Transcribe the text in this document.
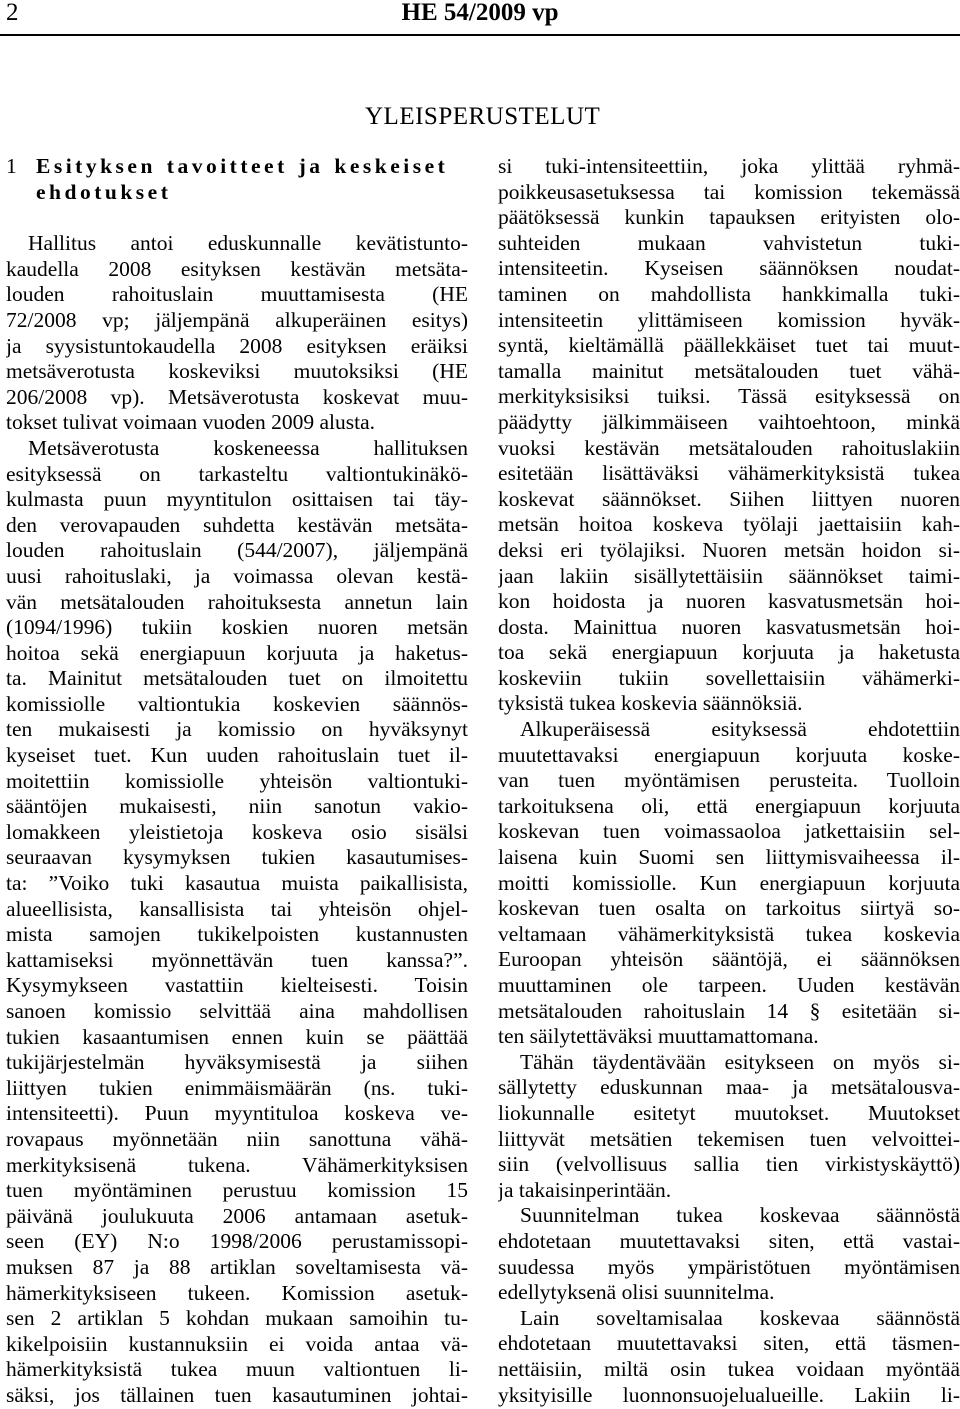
2	HE 54/2009 vp
YLEISPERUSTELUT
1 Esityksen tavoitteet ja keskeiset ehdotukset
Hallitus antoi eduskunnalle kevätistunto-
kaudella 2008 esityksen kestävän metsäta-
louden rahoituslain muuttamisesta (HE
72/2008 vp; jäljempänä alkuperäinen esitys)
ja syysistuntokaudella 2008 esityksen eräiksi
metsäverotusta koskeviksi muutoksiksi (HE
206/2008 vp). Metsäverotusta koskevat muu-
tokset tulivat voimaan vuoden 2009 alusta.
Metsäverotusta koskeneessa hallituksen
esityksessä on tarkasteltu valtiontukinäkö-
kulmasta puun myyntitulon osittaisen tai täy-
den verovapauden suhdetta kestävän metsäta-
louden rahoituslain (544/2007), jäljempänä
uusi rahoituslaki, ja voimassa olevan kestä-
vän metsätalouden rahoituksesta annetun lain
(1094/1996) tukiin koskien nuoren metsän
hoitoa sekä energiapuun korjuuta ja haketus-
ta. Mainitut metsätalouden tuet on ilmoitettu
komissiolle valtiontukia koskevien säännös-
ten mukaisesti ja komissio on hyväksynyt
kyseiset tuet. Kun uuden rahoituslain tuet il-
moitettiin komissiolle yhteisön valtiontuki-
sääntöjen mukaisesti, niin sanotun vakio-
lomakkeen yleistietoja koskeva osio sisälsi
seuraavan kysymyksen tukien kasautumises-
ta: ”Voiko tuki kasautua muista paikallisista,
alueellisista, kansallisista tai yhteisön ohjel-
mista samojen tukikelpoisten kustannusten
kattamiseksi myönnettävän tuen kanssa?”.
Kysymykseen vastattiin kielteisesti. Toisin
sanoen komissio selvittää aina mahdollisen
tukien kasaantumisen ennen kuin se päättää
tukijärjestelmän hyväksymisestä ja siihen
liittyen tukien enimmäismäärän (ns. tuki-
intensiteetti). Puun myyntituloa koskeva ve-
rovapaus myönnetään niin sanottuna vähä-
merkityksisenä tukena. Vähämerkityksisen
tuen myöntäminen perustuu komission 15
päivänä joulukuuta 2006 antamaan asetuk-
seen (EY) N:o 1998/2006 perustamissopi-
muksen 87 ja 88 artiklan soveltamisesta vä-
hämerkityksiseen tukeen. Komission asetuk-
sen 2 artiklan 5 kohdan mukaan samoihin tu-
kikelpoisiin kustannuksiin ei voida antaa vä-
hämerkityksistä tukea muun valtiontuen li-
säksi, jos tällainen tuen kasautuminen johtai-
si tuki-intensiteettiin, joka ylittää ryhmä-
poikkeusasetuksessa tai komission tekemässä
päätöksessä kunkin tapauksen erityisten olo-
suhteiden mukaan vahvistetun tuki-
intensiteetin. Kyseisen säännöksen noudat-
taminen on mahdollista hankkimalla tuki-
intensiteetin ylittämiseen komission hyväk-
syntä, kieltämällä päällekkäiset tuet tai muut-
tamalla mainitut metsätalouden tuet vähä-
merkityksisiksi tuiksi. Tässä esityksessä on
päädytty jälkimmäiseen vaihtoehtoon, minkä
vuoksi kestävän metsätalouden rahoituslakiin
esitetään lisättäväksi vähämerkityksistä tukea
koskevat säännökset. Siihen liittyen nuoren
metsän hoitoa koskeva työlaji jaettaisiin kah-
deksi eri työlajiksi. Nuoren metsän hoidon si-
jaan lakiin sisällytettäisiin säännökset taimi-
kon hoidosta ja nuoren kasvatusmetsän hoi-
dosta. Mainittua nuoren kasvatusmetsän hoi-
toa sekä energiapuun korjuuta ja haketusta
koskeviin tukiin sovellettaisiin vähämerki-
tyksistä tukea koskevia säännöksiä.
Alkuperäisessä esityksessä ehdotettiin
muutettavaksi energiapuun korjuuta koske-
van tuen myöntämisen perusteita. Tuolloin
tarkoituksena oli, että energiapuun korjuuta
koskevan tuen voimassaoloa jatkettaisiin sel-
laisena kuin Suomi sen liittymisvaiheessa il-
moitti komissiolle. Kun energiapuun korjuuta
koskevan tuen osalta on tarkoitus siirtyä so-
veltamaan vähämerkityksistä tukea koskevia
Euroopan yhteisön sääntöjä, ei säännöksen
muuttaminen ole tarpeen. Uuden kestävän
metsätalouden rahoituslain 14 § esitetään si-
ten säilytettäväksi muuttamattomana.
Tähän täydentävään esitykseen on myös si-
sällytetty eduskunnan maa- ja metsätalousva-
liokunnalle esitetyt muutokset. Muutokset
liittyvät metsätien tekemisen tuen velvoittei-
siin (velvollisuus sallia tien virkistyskäyttö)
ja takaisinperintään.
Suunnitelman tukea koskevaa säännöstä
ehdotetaan muutettavaksi siten, että vastai-
suudessa myös ympäristötuen myöntämisen
edellytyksenä olisi suunnitelma.
Lain soveltamisalaa koskevaa säännöstä
ehdotetaan muutettavaksi siten, että täsmen-
nettäisiin, miltä osin tukea voidaan myöntää
yksityisille luonnonsuojelualueille. Lakiin li-
